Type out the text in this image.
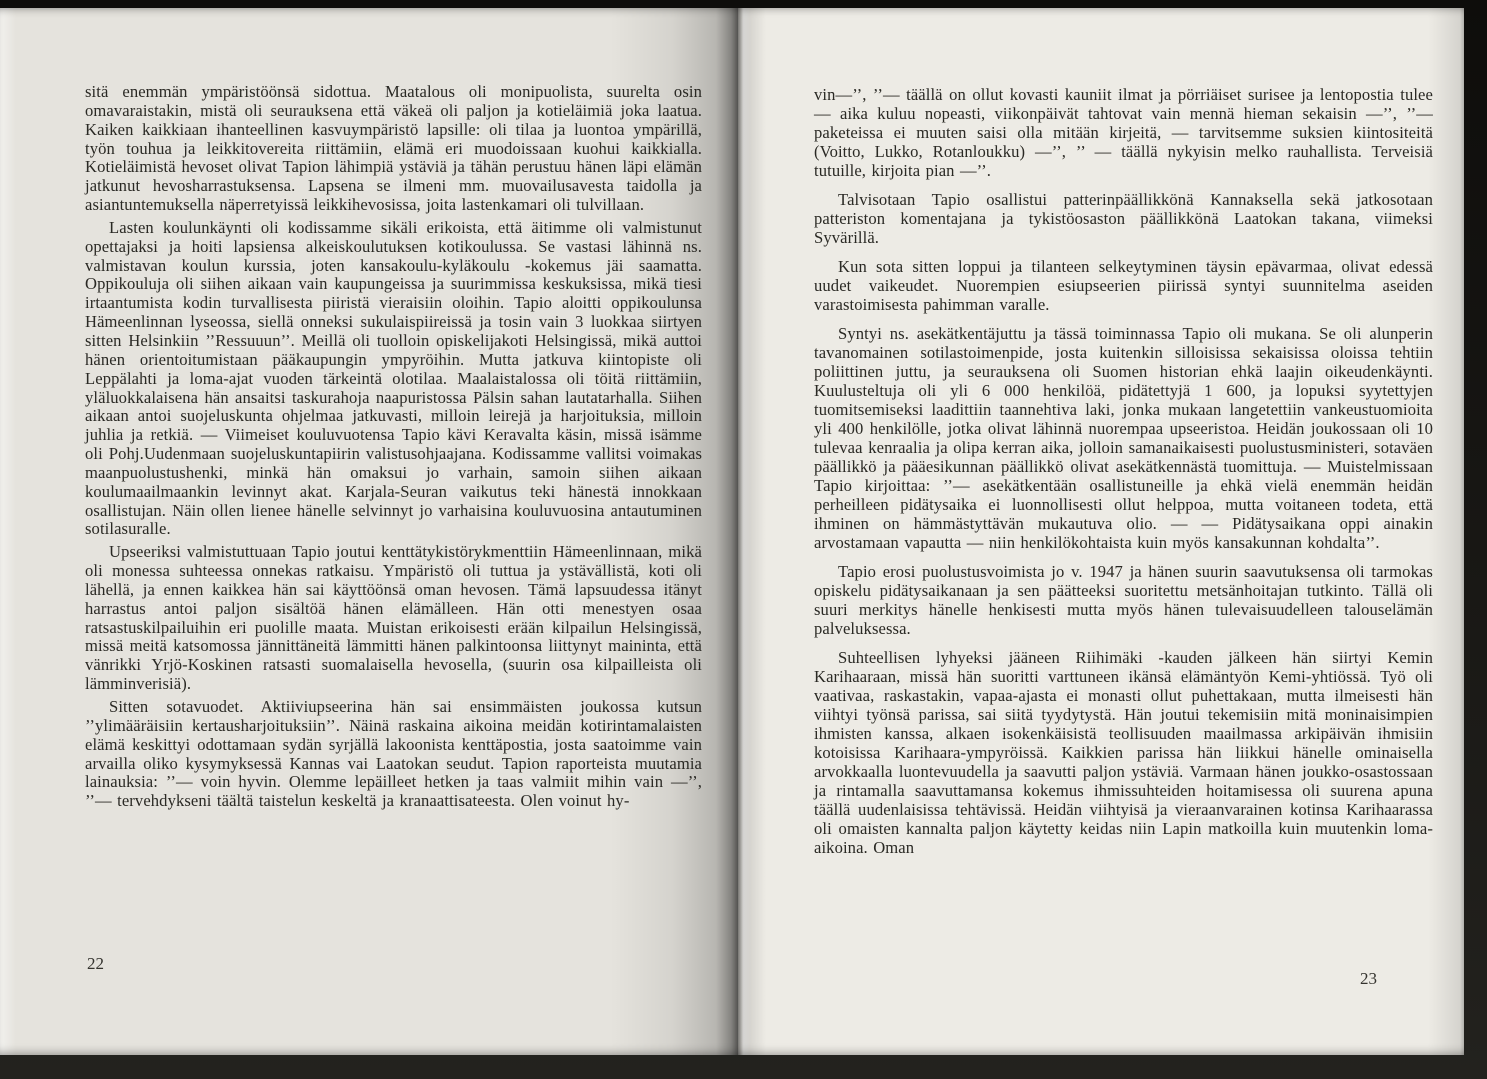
sitä enemmän ympäristöönsä sidottua. Maatalous oli monipuolista, suurelta osin omavaraistakin, mistä oli seurauksena että väkeä oli paljon ja kotieläimiä joka laatua. Kaiken kaikkiaan ihanteellinen kasvuympäristö lapsille: oli tilaa ja luontoa ympärillä, työn touhua ja leikkitovereita riittämiin, elämä eri muodoissaan kuohui kaikkialla. Kotieläimistä hevoset olivat Tapion lähimpiä ystäviä ja tähän perustuu hänen läpi elämän jatkunut hevosharrastuksensa. Lapsena se ilmeni mm. muovailusavesta taidolla ja asiantuntemuksella näperretyissä leikkihevosissa, joita lastenkamari oli tulvillaan.

Lasten koulunkäynti oli kodissamme sikäli erikoista, että äitimme oli valmistunut opettajaksi ja hoiti lapsiensa alkeiskoulutuksen kotikoulussa. Se vastasi lähinnä ns. valmistavan koulun kurssia, joten kansakoulu-kyläkoulu -kokemus jäi saamatta. Oppikouluja oli siihen aikaan vain kaupungeissa ja suurimmissa keskuksissa, mikä tiesi irtaantumista kodin turvallisesta piiristä vieraisiin oloihin. Tapio aloitti oppikoulunsa Hämeenlinnan lyseossa, siellä onneksi sukulaispiireissä ja tosin vain 3 luokkaa siirtyen sitten Helsinkiin ’’Ressuuun’’. Meillä oli tuolloin opiskelijakoti Helsingissä, mikä auttoi hänen orientoitumistaan pääkaupungin ympyröihin. Mutta jatkuva kiintopiste oli Leppälahti ja loma-ajat vuoden tärkeintä olotilaa. Maalaistalossa oli töitä riittämiin, yläluokkalaisena hän ansaitsi taskurahoja naapuristossa Pälsin sahan lautatarhalla. Siihen aikaan antoi suojeluskunta ohjelmaa jatkuvasti, milloin leirejä ja harjoituksia, milloin juhlia ja retkiä. — Viimeiset kouluvuotensa Tapio kävi Keravalta käsin, missä isämme oli Pohj.Uudenmaan suojeluskuntapiirin valistusohjaajana. Kodissamme vallitsi voimakas maanpuolustushenki, minkä hän omaksui jo varhain, samoin siihen aikaan koulumaailmaankin levinnyt akat. Karjala-Seuran vaikutus teki hänestä innokkaan osallistujan. Näin ollen lienee hänelle selvinnyt jo varhaisina kouluvuosina antautuminen sotilasuralle.

Upseeriksi valmistuttuaan Tapio joutui kenttätykistörykmenttiin Hämeenlinnaan, mikä oli monessa suhteessa onnekas ratkaisu. Ympäristö oli tuttua ja ystävällistä, koti oli lähellä, ja ennen kaikkea hän sai käyttöönsä oman hevosen. Tämä lapsuudessa itänyt harrastus antoi paljon sisältöä hänen elämälleen. Hän otti menestyen osaa ratsastuskilpailuihin eri puolille maata. Muistan erikoisesti erään kilpailun Helsingissä, missä meitä katsomossa jännittäneitä lämmitti hänen palkintoonsa liittynyt maininta, että vänrikki Yrjö-Koskinen ratsasti suomalaisella hevosella, (suurin osa kilpailleista oli lämminverisiä).

Sitten sotavuodet. Aktiiviupseerina hän sai ensimmäisten joukossa kutsun ’’ylimääräisiin kertausharjoituksiin’’. Näinä raskaina aikoina meidän kotirintamalaisten elämä keskittyi odottamaan sydän syrjällä lakoonista kenttäpostia, josta saatoimme vain arvailla oliko kysymyksessä Kannas vai Laatokan seudut. Tapion raporteista muutamia lainauksia: ’’— voin hyvin. Olemme lepäilleet hetken ja taas valmiit mihin vain —’’, ’’— tervehdykseni täältä taistelun keskeltä ja kranaattisateesta. Olen voinut hy-

22

vin—’’, ’’— täällä on ollut kovasti kauniit ilmat ja pörriäiset surisee ja lentopostia tulee — aika kuluu nopeasti, viikonpäivät tahtovat vain mennä hieman sekaisin —’’, ’’— paketeissa ei muuten saisi olla mitään kirjeitä, — tarvitsemme suksien kiintositeitä (Voitto, Lukko, Rotanloukku) —’’, ’’ — täällä nykyisin melko rauhallista. Terveisiä tutuille, kirjoita pian —’’.

Talvisotaan Tapio osallistui patterinpäällikkönä Kannaksella sekä jatkosotaan patteriston komentajana ja tykistöosaston päällikkönä Laatokan takana, viimeksi Syvärillä.

Kun sota sitten loppui ja tilanteen selkeytyminen täysin epävarmaa, olivat edessä uudet vaikeudet. Nuorempien esiupseerien piirissä syntyi suunnitelma aseiden varastoimisesta pahimman varalle.

Syntyi ns. asekätkentäjuttu ja tässä toiminnassa Tapio oli mukana. Se oli alunperin tavanomainen sotilastoimenpide, josta kuitenkin silloisissa sekaisissa oloissa tehtiin poliittinen juttu, ja seurauksena oli Suomen historian ehkä laajin oikeudenkäynti. Kuulusteltuja oli yli 6 000 henkilöä, pidätettyjä 1 600, ja lopuksi syytettyjen tuomitsemiseksi laadittiin taannehtiva laki, jonka mukaan langetettiin vankeustuomioita yli 400 henkilölle, jotka olivat lähinnä nuorempaa upseeristoa. Heidän joukossaan oli 10 tulevaa kenraalia ja olipa kerran aika, jolloin samanaikaisesti puolustusministeri, sotaväen päällikkö ja pääesikunnan päällikkö olivat asekätkennästä tuomittuja. — Muistelmissaan Tapio kirjoittaa: ’’— asekätkentään osallistuneille ja ehkä vielä enemmän heidän perheilleen pidätysaika ei luonnollisesti ollut helppoa, mutta voitaneen todeta, että ihminen on hämmästyttävän mukautuva olio. — — Pidätysaikana oppi ainakin arvostamaan vapautta — niin henkilökohtaista kuin myös kansakunnan kohdalta’’.

Tapio erosi puolustusvoimista jo v. 1947 ja hänen suurin saavutuksensa oli tarmokas opiskelu pidätysaikanaan ja sen päätteeksi suoritettu metsänhoitajan tutkinto. Tällä oli suuri merkitys hänelle henkisesti mutta myös hänen tulevaisuudelleen talouselämän palveluksessa.

Suhteellisen lyhyeksi jääneen Riihimäki -kauden jälkeen hän siirtyi Kemin Karihaaraan, missä hän suoritti varttuneen ikänsä elämäntyön Kemi-yhtiössä. Työ oli vaativaa, raskastakin, vapaa-ajasta ei monasti ollut puhettakaan, mutta ilmeisesti hän viihtyi työnsä parissa, sai siitä tyydytystä. Hän joutui tekemisiin mitä moninaisimpien ihmisten kanssa, alkaen isokenkäisistä teollisuuden maailmassa arkipäivän ihmisiin kotoisissa Karihaara-ympyröissä. Kaikkien parissa hän liikkui hänelle ominaisella arvokkaalla luontevuudella ja saavutti paljon ystäviä. Varmaan hänen joukko-osastossaan ja rintamalla saavuttamansa kokemus ihmissuhteiden hoitamisessa oli suurena apuna täällä uudenlaisissa tehtävissä. Heidän viihtyisä ja vieraanvarainen kotinsa Karihaarassa oli omaisten kannalta paljon käytetty keidas niin Lapin matkoilla kuin muutenkin loma-aikoina. Oman

23
